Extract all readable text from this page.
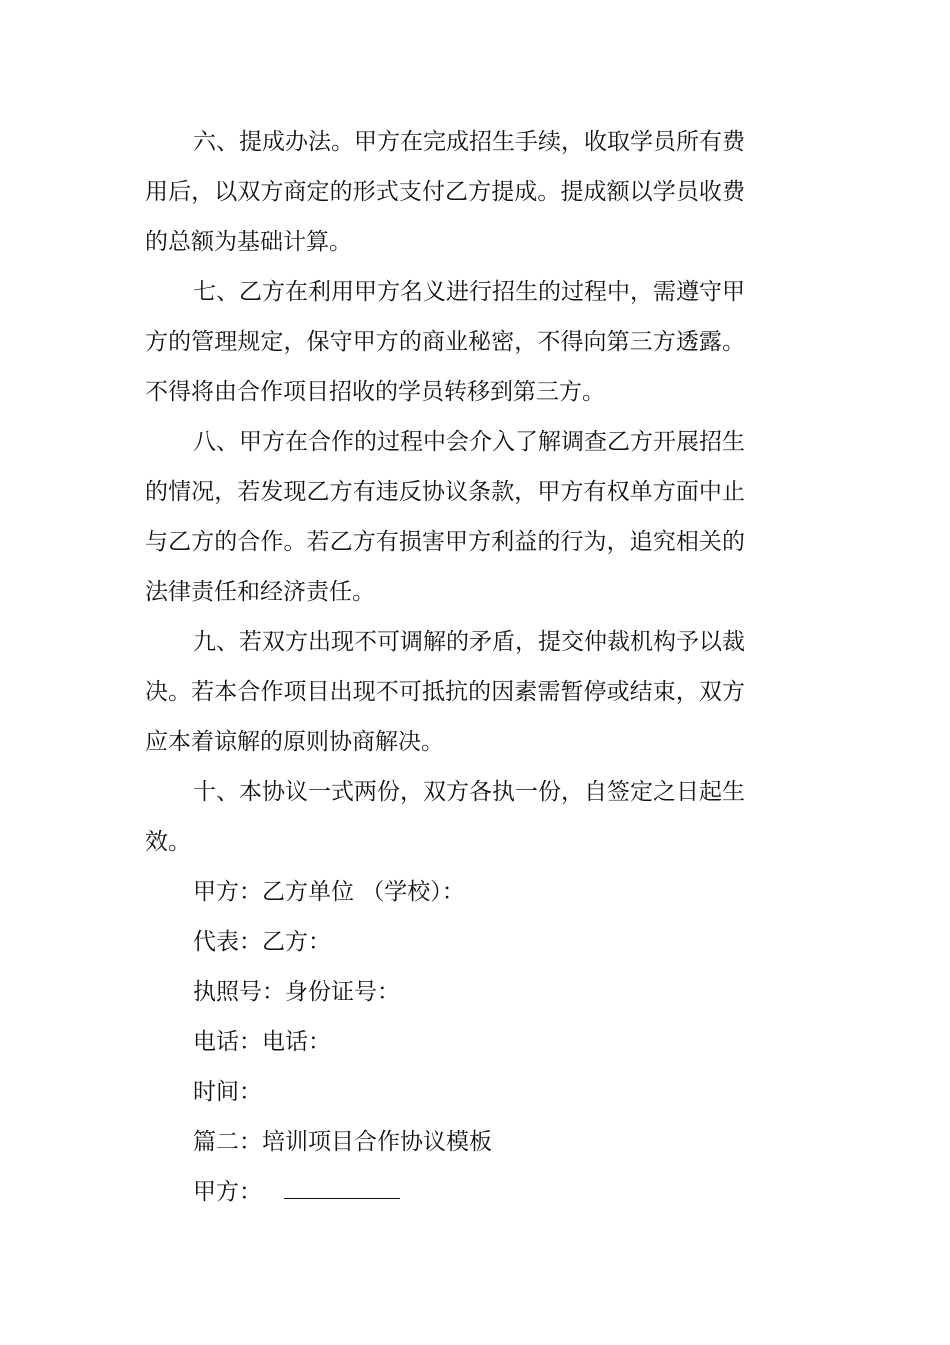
六、提成办法。甲方在完成招生手续，收取学员所有费用后，以双方商定的形式支付乙方提成。提成额以学员收费的总额为基础计算。

七、乙方在利用甲方名义进行招生的过程中，需遵守甲方的管理规定，保守甲方的商业秘密，不得向第三方透露。不得将由合作项目招收的学员转移到第三方。

八、甲方在合作的过程中会介入了解调查乙方开展招生的情况，若发现乙方有违反协议条款，甲方有权单方面中止与乙方的合作。若乙方有损害甲方利益的行为，追究相关的法律责任和经济责任。

九、若双方出现不可调解的矛盾，提交仲裁机构予以裁决。若本合作项目出现不可抵抗的因素需暂停或结束，双方应本着谅解的原则协商解决。

十、本协议一式两份，双方各执一份，自签定之日起生效。

甲方：乙方单位 （学校）：

代表：乙方：

执照号：身份证号：

电话：电话：

时间：

篇二：培训项目合作协议模板

甲方：
